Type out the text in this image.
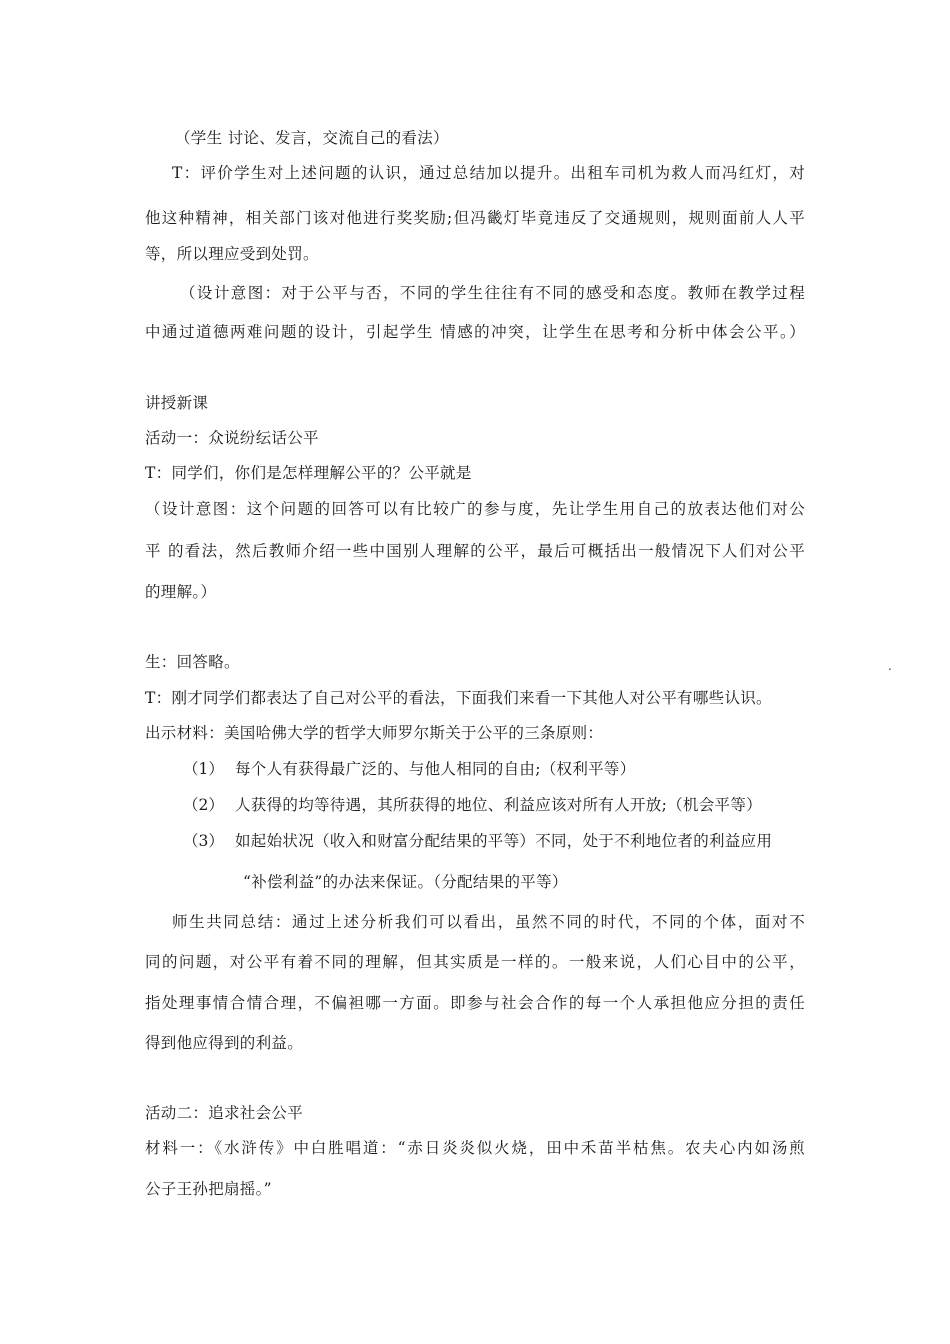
（学生 讨论、发言，交流自己的看法）
T：评价学生对上述问题的认识，通过总结加以提升。出租车司机为救人而冯红灯，对
他这种精神，相关部门该对他进行奖奖励;但冯畿灯毕竟违反了交通规则，规则面前人人平
等，所以理应受到处罚。
（设计意图：对于公平与否，不同的学生往往有不同的感受和态度。教师在教学过程
中通过道德两难问题的设计，引起学生 情感的冲突，让学生在思考和分析中体会公平。）
讲授新课
活动一：众说纷纭话公平
T：同学们，你们是怎样理解公平的？公平就是
（设计意图：这个问题的回答可以有比较广的参与度，先让学生用自己的放表达他们对公
平 的看法，然后教师介绍一些中国别人理解的公平，最后可概括出一般情况下人们对公平
的理解。）
生：回答略。	.
T：刚才同学们都表达了自己对公平的看法，下面我们来看一下其他人对公平有哪些认识。
出示材料：美国哈佛大学的哲学大师罗尔斯关于公平的三条原则：
（1） 每个人有获得最广泛的、与他人相同的自由;（权利平等）
（2） 人获得的均等待遇，其所获得的地位、利益应该对所有人开放;（机会平等）
（3） 如起始状况（收入和财富分配结果的平等）不同，处于不利地位者的利益应用
“补偿利益”的办法来保证。（分配结果的平等）
师生共同总结：通过上述分析我们可以看出，虽然不同的时代，不同的个体，面对不
同的问题，对公平有着不同的理解，但其实质是一样的。一般来说，人们心目中的公平，
指处理事情合情合理，不偏袒哪一方面。即参与社会合作的每一个人承担他应分担的责任
得到他应得到的利益。
活动二：追求社会公平
材料一：《水浒传》中白胜唱道：“赤日炎炎似火烧，田中禾苗半枯焦。农夫心内如汤煎
公子王孙把扇摇。”
